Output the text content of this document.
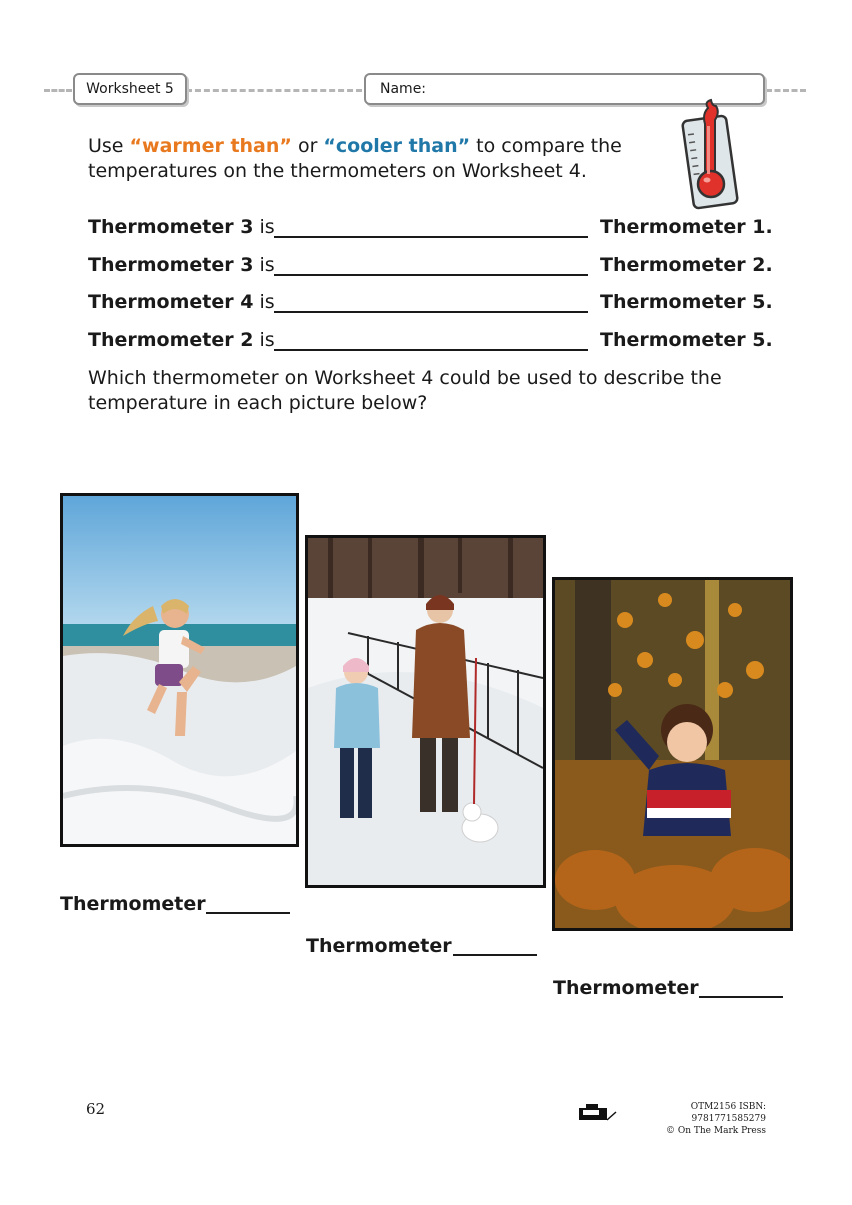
Worksheet 5	Name:
Use “warmer than” or “cooler than” to compare the temperatures on the thermometers on Worksheet 4.
Thermometer 3 is	Thermometer 1.
Thermometer 3 is	Thermometer 2.
Thermometer 4 is	Thermometer 5.
Thermometer 2 is	Thermometer 5.
Which thermometer on Worksheet 4 could be used to describe the temperature in each picture below?
Thermometer
Thermometer
Thermometer
62	OTM2156 ISBN: 9781771585279
© On The Mark Press
